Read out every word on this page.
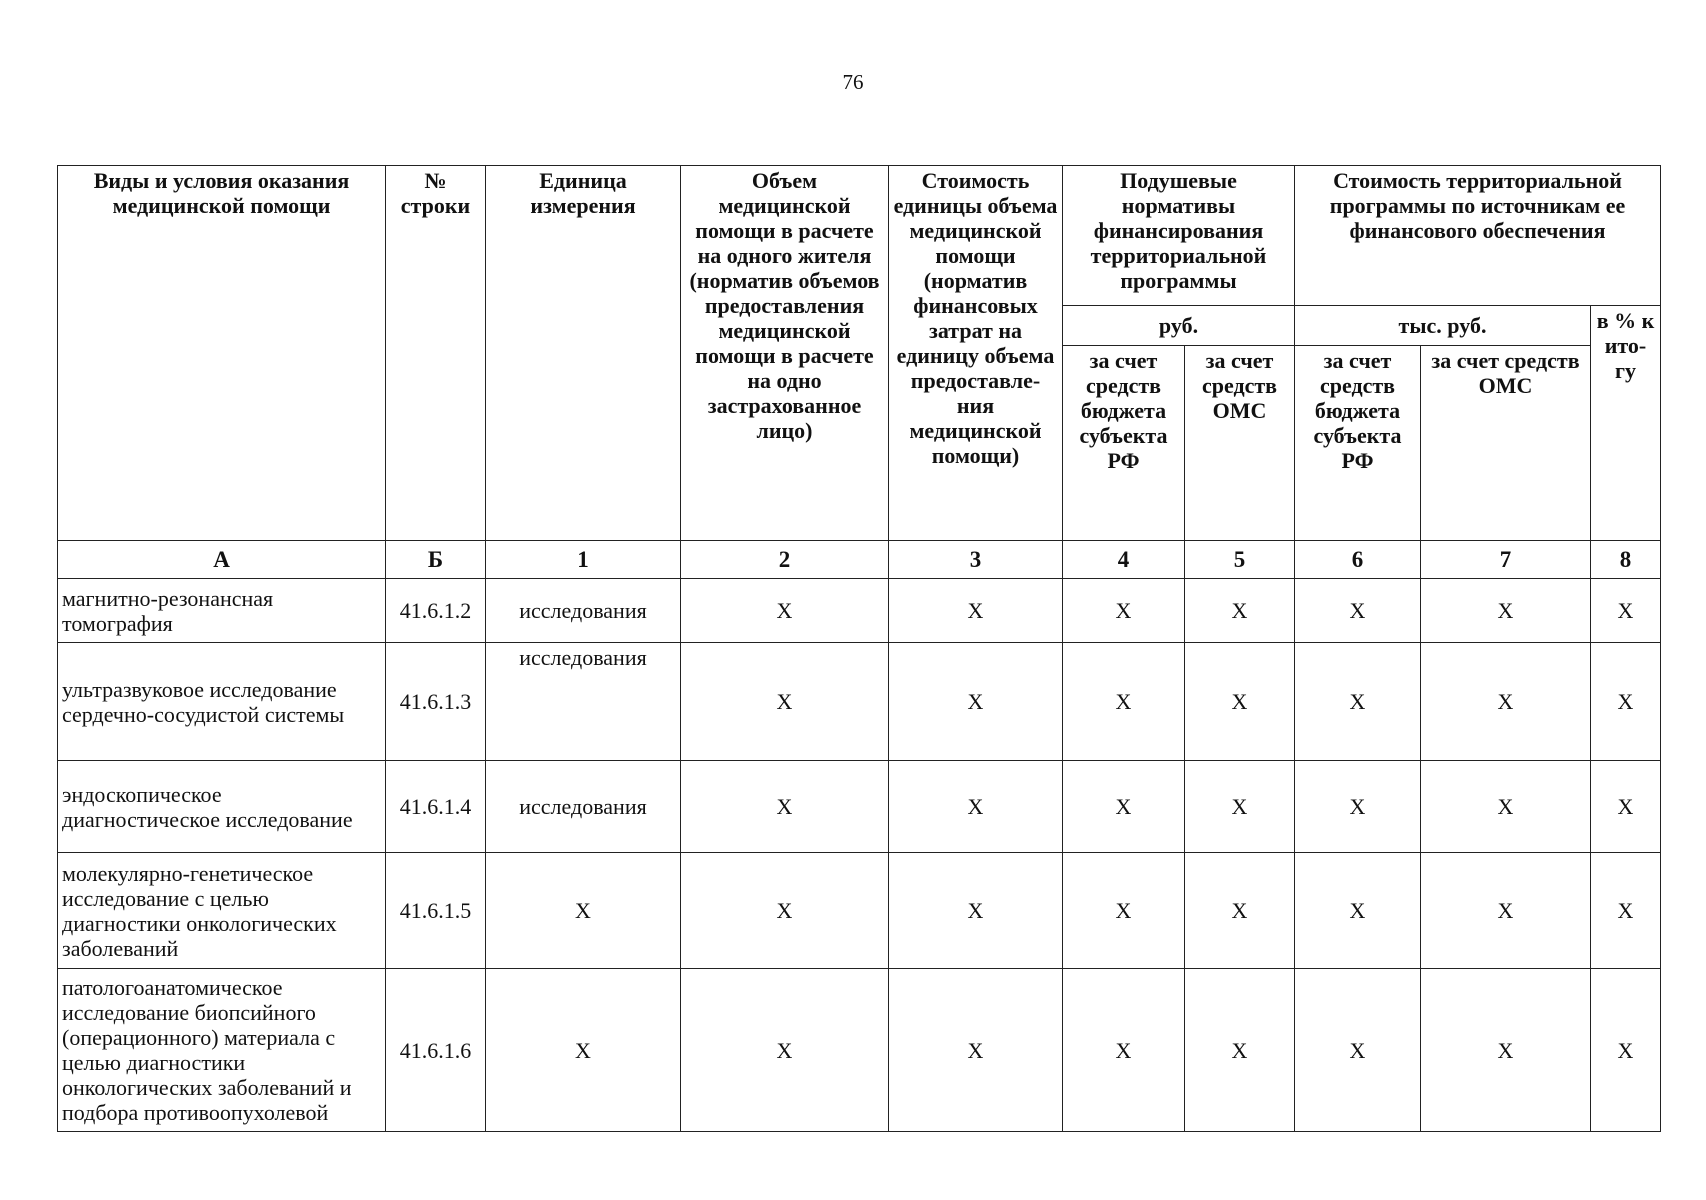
76
Виды и условия оказания медицинской помощи	№ строки	Единица измерения	Объем медицинской помощи в расчете на одного жителя (норматив объемов предоставления медицинской помощи в расчете на одно застрахованное лицо)	Стоимость единицы объема медицинской помощи (норматив финансовых затрат на единицу объема предоставле-ния медицинской помощи)	Подушевые нормативы финансирования территориальной программы		Стоимость территориальной программы по источникам ее финансового обеспечения		
					руб.		тыс. руб.		в % к ито-гу
					за счет средств бюджета субъекта РФ	за счет средств ОМС	за счет средств бюджета субъекта РФ	за счет средств ОМС	
А	Б	1	2	3	4	5	6	7	8
магнитно-резонансная томография	41.6.1.2	исследования	X	X	X	X	X	X	X
ультразвуковое исследование сердечно-сосудистой системы	41.6.1.3	исследования	X	X	X	X	X	X	X
эндоскопическое диагностическое исследование	41.6.1.4	исследования	X	X	X	X	X	X	X
молекулярно-генетическое исследование с целью диагностики онкологических заболеваний	41.6.1.5	X	X	X	X	X	X	X	X
патологоанатомическое исследование биопсийного (операционного) материала с целью диагностики онкологических заболеваний и подбора противоопухолевой	41.6.1.6	X	X	X	X	X	X	X	X
